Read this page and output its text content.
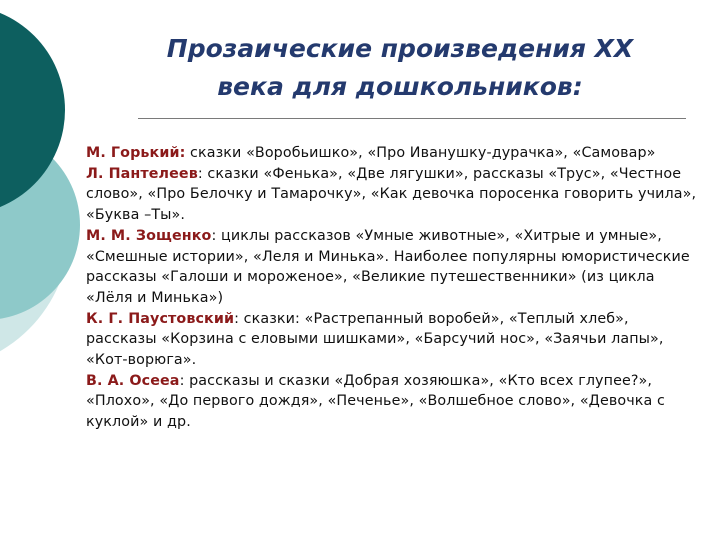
Прозаические произведения XX
века для дошкольников:

М. Горький: сказки «Воробьишко», «Про Иванушку-дурачка», «Самовар»

Л. Пантелеев: сказки «Фенька», «Две лягушки», рассказы «Трус», «Честное слово», «Про Белочку и Тамарочку», «Как девочка поросенка говорить учила», «Буква –Ты».

М. М. Зощенко: циклы рассказов «Умные животные», «Хитрые и умные», «Смешные истории», «Леля и Минька». Наиболее популярны юмористические рассказы «Галоши и мороженое», «Великие путешественники» (из цикла «Лёля и Минька»)

К. Г. Паустовский: сказки: «Растрепанный воробей», «Теплый хлеб», рассказы «Корзина с еловыми шишками», «Барсучий нос», «Заячьи лапы», «Кот-ворюга».

В. А. Осееа: рассказы и сказки «Добрая хозяюшка», «Кто всех глупее?», «Плохо», «До первого дождя», «Печенье», «Волшебное слово», «Девочка с куклой» и др.
